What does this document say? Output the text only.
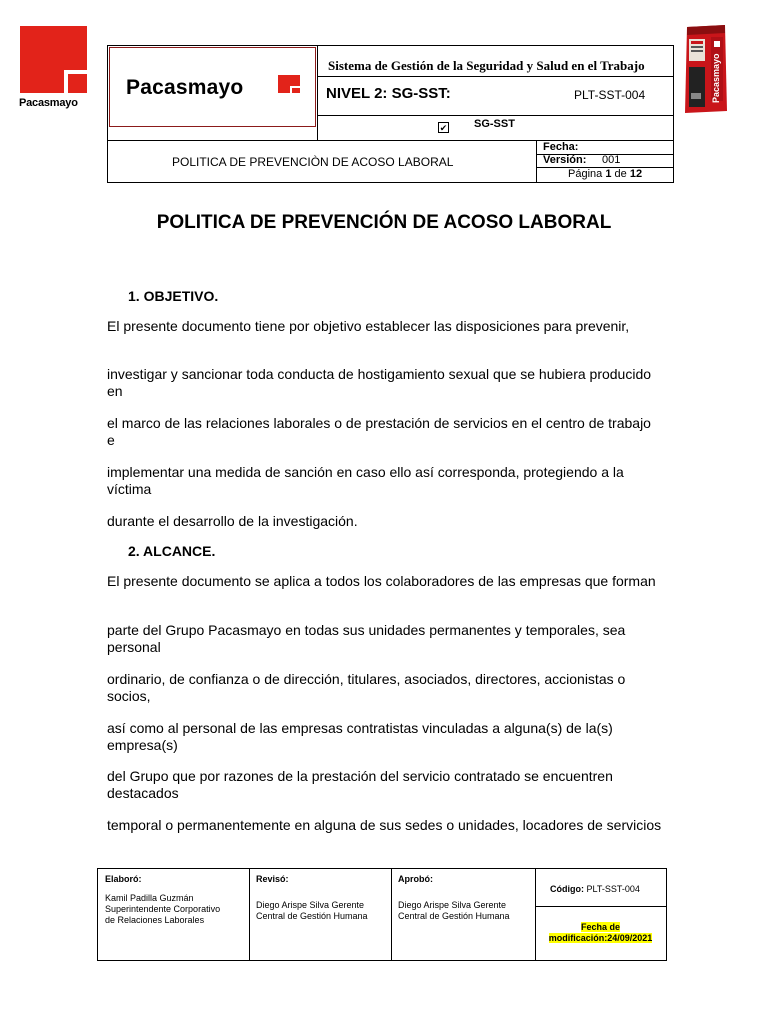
Pacasmayo	Pacasmayo
Pacasmayo
Sistema de Gestión de la Seguridad y Salud en el Trabajo
NIVEL 2: SG-SST:	PLT-SST-004
✔ SG-SST
POLITICA DE PREVENCIÒN DE ACOSO LABORAL
Fecha:
Versión: 001
Página 1 de 12
POLITICA DE PREVENCIÓN DE ACOSO LABORAL
1. OBJETIVO.
El presente documento tiene por objetivo establecer las disposiciones para prevenir,
investigar y sancionar toda conducta de hostigamiento sexual que se hubiera producido en
el marco de las relaciones laborales o de prestación de servicios en el centro de trabajo e
implementar una medida de sanción en caso ello así corresponda, protegiendo a la víctima
durante el desarrollo de la investigación.
2. ALCANCE.
El presente documento se aplica a todos los colaboradores de las empresas que forman
parte del Grupo Pacasmayo en todas sus unidades permanentes y temporales, sea personal
ordinario, de confianza o de dirección, titulares, asociados, directores, accionistas o socios,
así como al personal de las empresas contratistas vinculadas a alguna(s) de la(s) empresa(s)
del Grupo que por razones de la prestación del servicio contratado se encuentren destacados
temporal o permanentemente en alguna de sus sedes o unidades, locadores de servicios
Elaboró:
Kamil Padilla Guzmán
Superintendente Corporativo
de Relaciones Laborales
Revisó:
Diego Arispe Silva Gerente
Central de Gestión Humana
Aprobó:
Diego Arispe Silva Gerente
Central de Gestión Humana
Código: PLT-SST-004
Fecha de
modificación:24/09/2021
